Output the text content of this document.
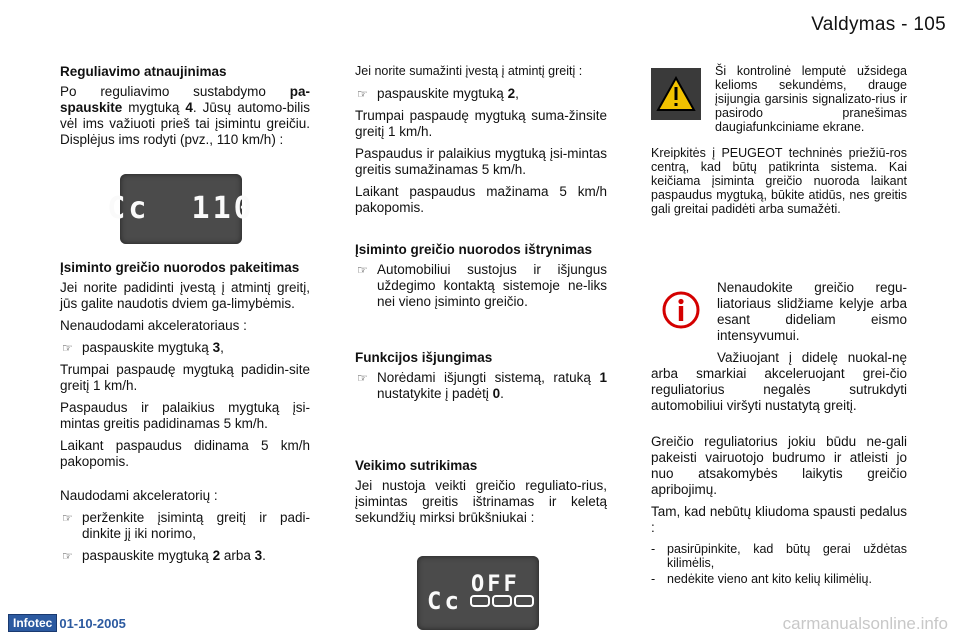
Valdymas - 105
Reguliavimo atnaujinimas

Po reguliavimo sustabdymo pa-spauskite mygtuką 4. Jūsų automo-bilis vėl ims važiuoti prieš tai įsimintu greičiu. Displėjus ims rodyti (pvz., 110 km/h) :

Cc  110
Įsiminto greičio nuorodos pakeitimas

Jei norite padidinti įvestą į atmintį greitį, jūs galite naudotis dviem ga-limybėmis.

Nenaudodami akceleratoriaus :

☞ paspauskite mygtuką 3,

Trumpai paspaudę mygtuką padidin-site greitį 1 km/h.

Paspaudus ir palaikius mygtuką įsi-mintas greitis padidinamas 5 km/h.

Laikant paspaudus didinama 5 km/h pakopomis.

Naudodami akceleratorių :

☞ perženkite įsimintą greitį ir padi-dinkite jį iki norimo,
☞ paspauskite mygtuką 2 arba 3.

Jei norite sumažinti įvestą į atmintį greitį :

☞ paspauskite mygtuką 2,

Trumpai paspaudę mygtuką suma-žinsite greitį 1 km/h.

Paspaudus ir palaikius mygtuką įsi-mintas greitis sumažinamas 5 km/h.

Laikant paspaudus mažinama 5 km/h pakopomis.

Įsiminto greičio nuorodos ištrynimas
☞ Automobiliui sustojus ir išjungus uždegimo kontaktą sistemoje ne-liks nei vieno įsiminto greičio.
Funkcijos išjungimas
☞ Norėdami išjungti sistemą, ratuką 1 nustatykite į padėtį 0.
Veikimo sutrikimas

Jei nustoja veikti greičio reguliato-rius, įsimintas greitis ištrinamas ir keletą sekundžių mirksi brūkšniukai :

OFF
Cc

Ši kontrolinė lemputė užsidega kelioms sekundėms, drauge įsijungia garsinis signalizato-rius ir pasirodo pranešimas daugiafunkciniame ekrane.

Kreipkitės į PEUGEOT techninės priežiū-ros centrą, kad būtų patikrinta sistema. Kai keičiama įsiminta greičio nuoroda laikant paspaudus mygtuką, būkite atidūs, nes greitis gali greitai padidėti arba sumažėti.

Nenaudokite greičio regu-liatoriaus slidžiame kelyje arba esant dideliam eismo intensyvumui.

Važiuojant į didelę nuokal-nę arba smarkiai akceleruojant grei-čio reguliatorius negalės sutrukdyti automobiliui viršyti nustatytą greitį.

Greičio reguliatorius jokiu būdu ne-gali pakeisti vairuotojo budrumo ir atleisti jo nuo atsakomybės laikytis greičio apribojimų.

Tam, kad nebūtų kliudoma spausti pedalus :

- pasirūpinkite, kad būtų gerai uždėtas kilimėlis,
- nedėkite vieno ant kito kelių kilimėlių.
Infotec 01-10-2005	carmanualsonline.info
